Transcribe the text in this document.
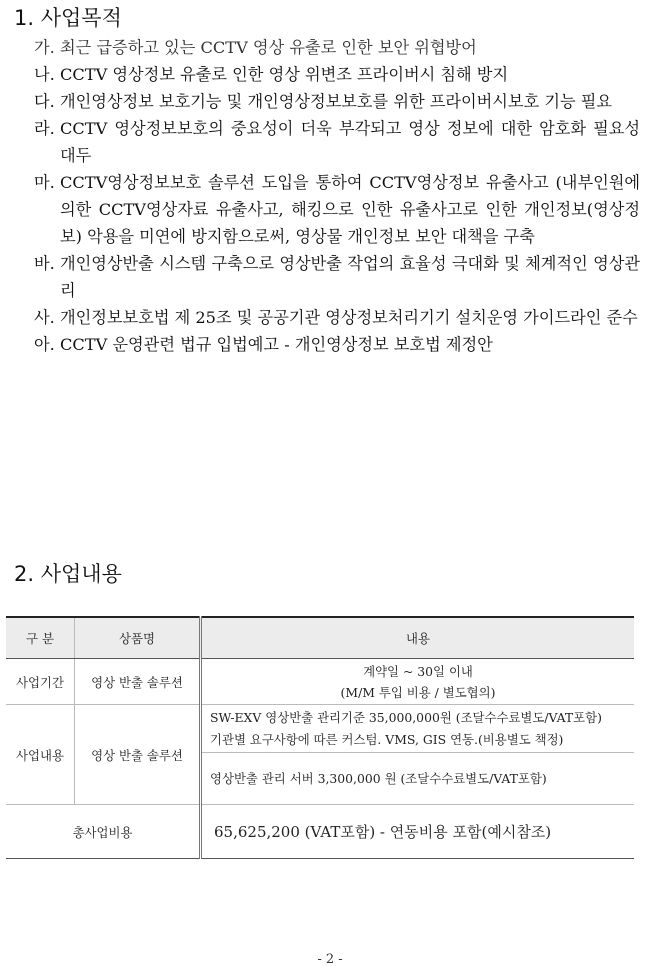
1. 사업목적
가. 최근 급증하고 있는 CCTV 영상 유출로 인한 보안 위협방어
나. CCTV 영상정보 유출로 인한 영상 위변조 프라이버시 침해 방지
다. 개인영상정보 보호기능 및 개인영상정보보호를 위한 프라이버시보호 기능 필요
라. CCTV 영상정보보호의 중요성이 더욱 부각되고 영상 정보에 대한 암호화 필요성 대두
마. CCTV영상정보보호 솔루션 도입을 통하여 CCTV영상정보 유출사고 (내부인원에 의한 CCTV영상자료 유출사고, 해킹으로 인한 유출사고로 인한 개인정보(영상정보) 악용을 미연에 방지함으로써, 영상물 개인정보 보안 대책을 구축
바. 개인영상반출 시스템 구축으로 영상반출 작업의 효율성 극대화 및 체계적인 영상관리
사. 개인정보보호법 제 25조 및 공공기관 영상정보처리기기 설치운영 가이드라인 준수
아. CCTV 운영관련 법규 입법예고 - 개인영상정보 보호법 제정안
2. 사업내용
구 분	상품명	내용
사업기간	영상 반출 솔루션	계약일 ~ 30일 이내
(M/M 투입 비용 / 별도협의)

사업내용	영상 반출 솔루션	SW-EXV 영상반출 관리기준 35,000,000원 (조달수수료별도/VAT포함)
기관별 요구사항에 따른 커스텀. VMS, GIS 연동.(비용별도 책정)

		영상반출 관리 서버 3,300,000 원 (조달수수료별도/VAT포함)
총사업비용		65,625,200 (VAT포함) - 연동비용 포함(예시참조)
- 2 -
